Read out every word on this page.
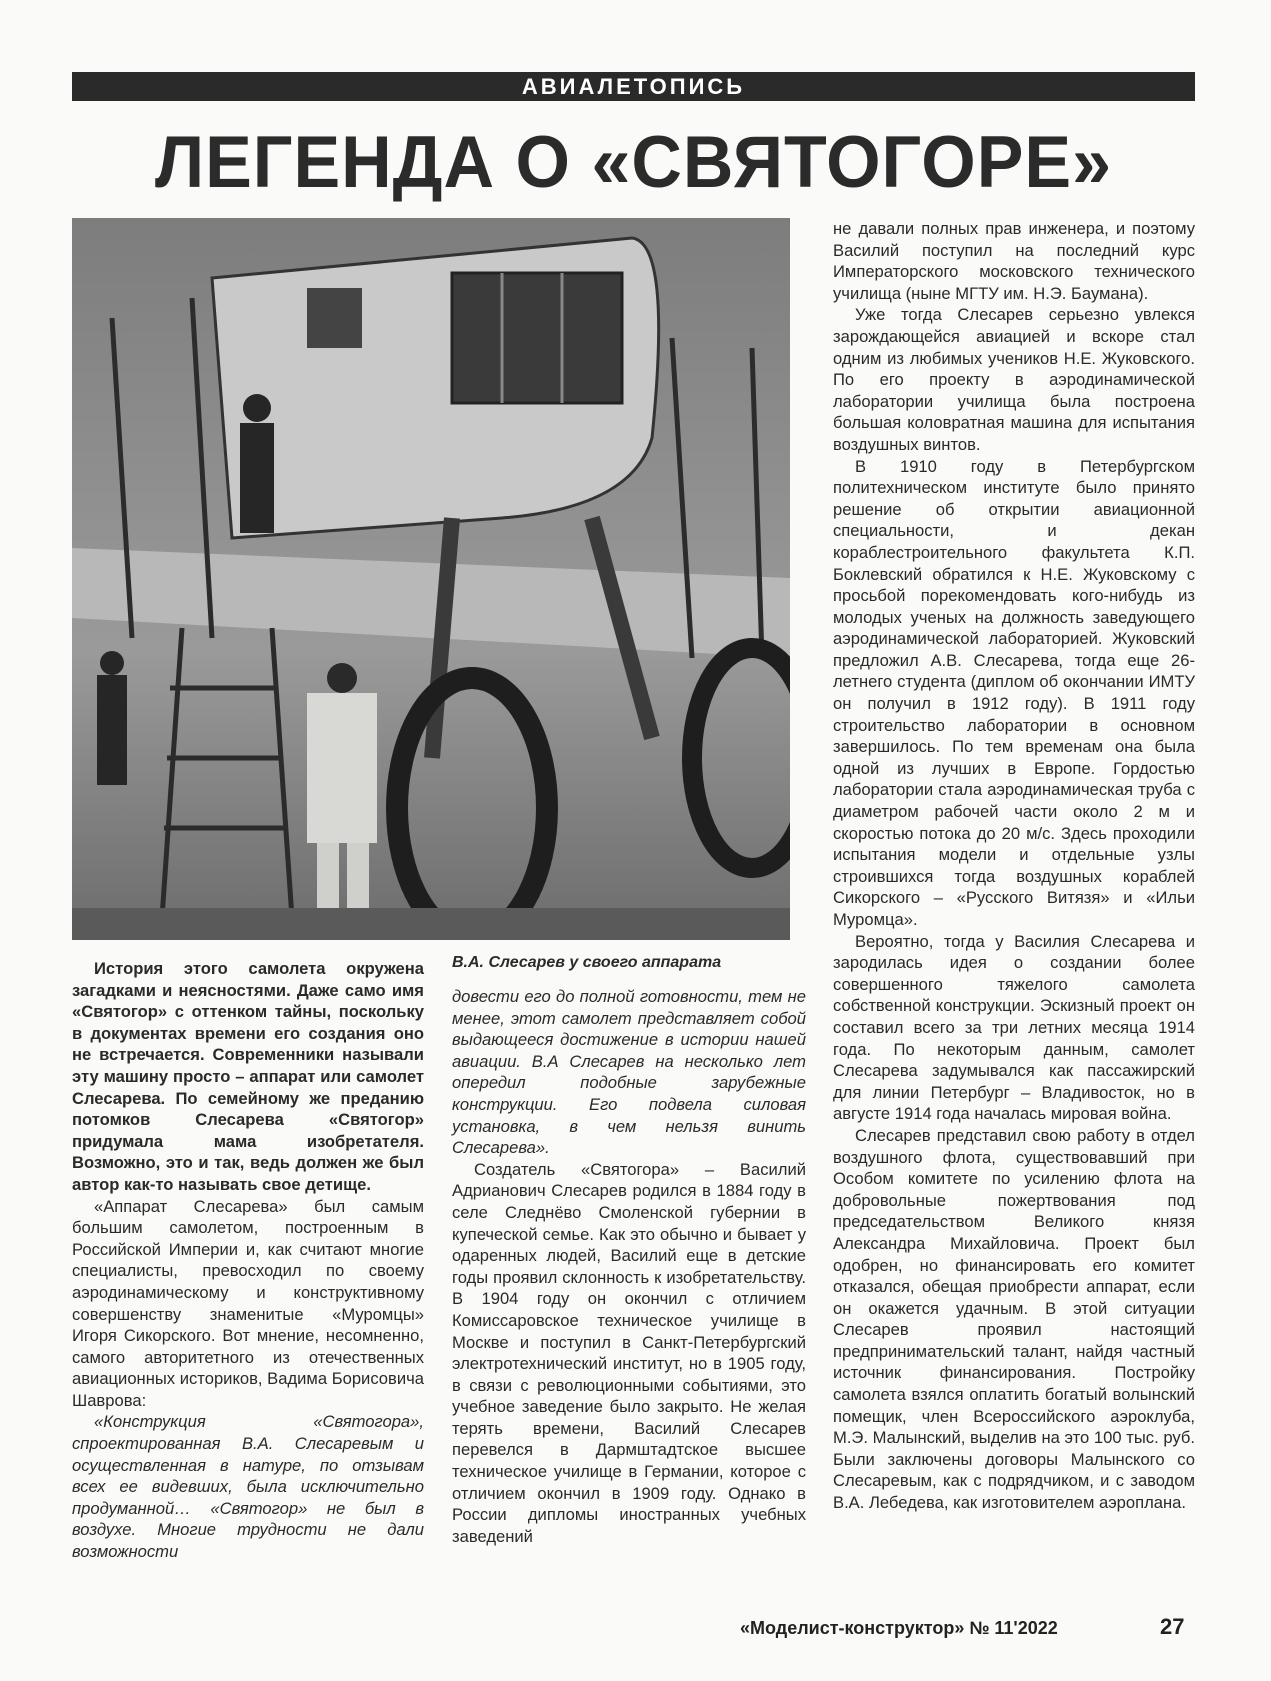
АВИАЛЕТОПИСЬ
ЛЕГЕНДА О «СВЯТОГОРЕ»

История этого самолета окружена загадками и неясностями. Даже само имя «Святогор» с оттенком тайны, поскольку в документах времени его создания оно не встречается. Современники называли эту машину просто – аппарат или самолет Слесарева. По семейному же преданию потомков Слесарева «Святогор» придумала мама изобретателя. Возможно, это и так, ведь должен же был автор как-то называть свое детище.

«Аппарат Слесарева» был самым большим самолетом, построенным в Российской Империи и, как считают многие специалисты, превосходил по своему аэродинамическому и конструктивному совершенству знаменитые «Муромцы» Игоря Сикорского. Вот мнение, несомненно, самого авторитетного из отечественных авиационных историков, Вадима Борисовича Шаврова:

«Конструкция «Святогора», спроектированная В.А. Слесаревым и осуществленная в натуре, по отзывам всех ее видевших, была исключительно продуманной… «Святогор» не был в воздухе. Многие трудности не дали возможности

В.А. Слесарев у своего аппарата

довести его до полной готовности, тем не менее, этот самолет представляет собой выдающееся достижение в истории нашей авиации. В.А Слесарев на несколько лет опередил подобные зарубежные конструкции. Его подвела силовая установка, в чем нельзя винить Слесарева».

Создатель «Святогора» – Василий Адрианович Слесарев родился в 1884 году в селе Следнёво Смоленской губернии в купеческой семье. Как это обычно и бывает у одаренных людей, Василий еще в детские годы проявил склонность к изобретательству. В 1904 году он окончил с отличием Комиссаровское техническое училище в Москве и поступил в Санкт-Петербургский электротехнический институт, но в 1905 году, в связи с революционными событиями, это учебное заведение было закрыто. Не желая терять времени, Василий Слесарев перевелся в Дармштадтское высшее техническое училище в Германии, которое с отличием окончил в 1909 году. Однако в России дипломы иностранных учебных заведений

не давали полных прав инженера, и поэтому Василий поступил на последний курс Императорского московского технического училища (ныне МГТУ им. Н.Э. Баумана).

Уже тогда Слесарев серьезно увлекся зарождающейся авиацией и вскоре стал одним из любимых учеников Н.Е. Жуковского. По его проекту в аэродинамической лаборатории училища была построена большая коловратная машина для испытания воздушных винтов.

В 1910 году в Петербургском политехническом институте было принято решение об открытии авиационной специальности, и декан кораблестроительного факультета К.П. Боклевский обратился к Н.Е. Жуковскому с просьбой порекомендовать кого-нибудь из молодых ученых на должность заведующего аэродинамической лабораторией. Жуковский предложил А.В. Слесарева, тогда еще 26-летнего студента (диплом об окончании ИМТУ он получил в 1912 году). В 1911 году строительство лаборатории в основном завершилось. По тем временам она была одной из лучших в Европе. Гордостью лаборатории стала аэродинамическая труба с диаметром рабочей части около 2 м и скоростью потока до 20 м/с. Здесь проходили испытания модели и отдельные узлы строившихся тогда воздушных кораблей Сикорского – «Русского Витязя» и «Ильи Муромца».

Вероятно, тогда у Василия Слесарева и зародилась идея о создании более совершенного тяжелого самолета собственной конструкции. Эскизный проект он составил всего за три летних месяца 1914 года. По некоторым данным, самолет Слесарева задумывался как пассажирский для линии Петербург – Владивосток, но в августе 1914 года началась мировая война.

Слесарев представил свою работу в отдел воздушного флота, существовавший при Особом комитете по усилению флота на добровольные пожертвования под председательством Великого князя Александра Михайловича. Проект был одобрен, но финансировать его комитет отказался, обещая приобрести аппарат, если он окажется удачным. В этой ситуации Слесарев проявил настоящий предпринимательский талант, найдя частный источник финансирования. Постройку самолета взялся оплатить богатый волынский помещик, член Всероссийского аэроклуба, М.Э. Малынский, выделив на это 100 тыс. руб. Были заключены договоры Малынского со Слесаревым, как с подрядчиком, и с заводом В.А. Лебедева, как изготовителем аэроплана.

«Моделист-конструктор» № 11'2022	27
